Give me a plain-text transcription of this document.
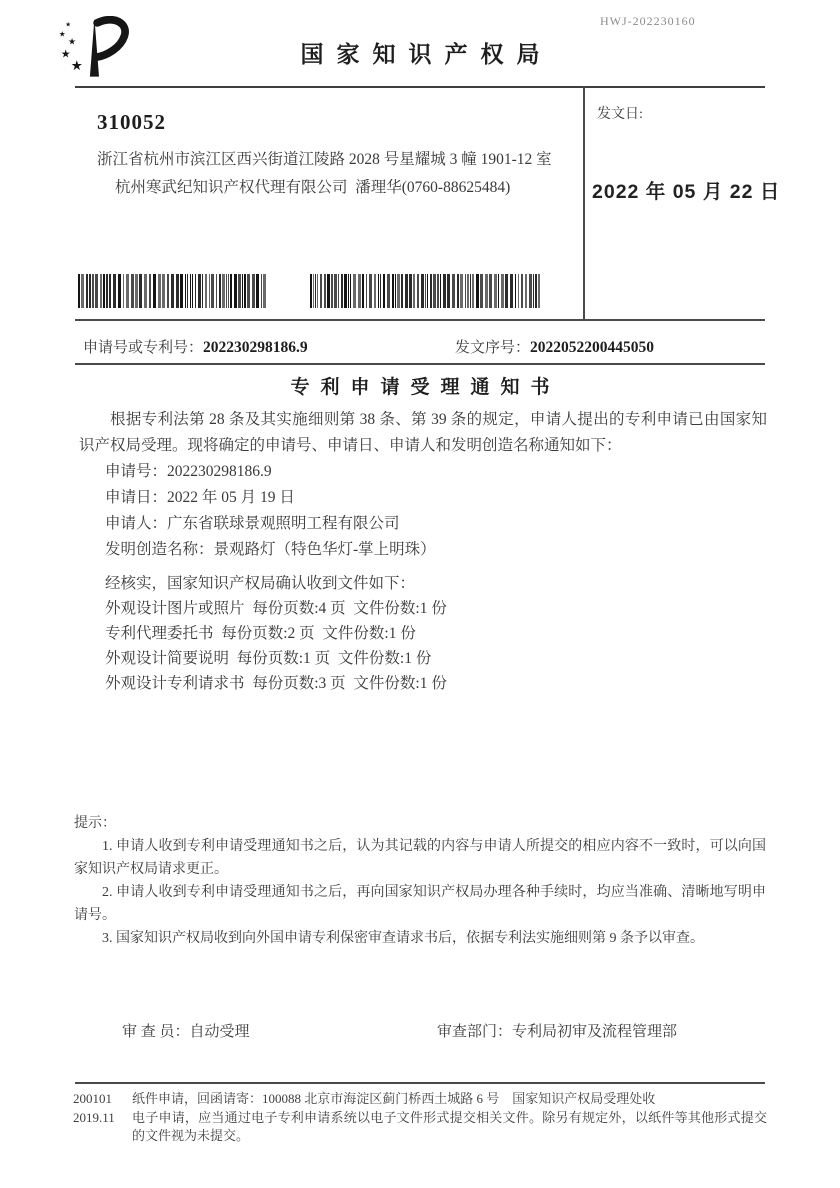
HWJ-202230160
★
★
★
★
★
国家知识产权局
310052
浙江省杭州市滨江区西兴街道江陵路 2028 号星耀城 3 幢 1901-12 室
杭州寒武纪知识产权代理有限公司  潘理华(0760-88625484)
发文日:
2022 年 05 月 22 日
申请号或专利号：202230298186.9	发文序号：2022052200445050
专利申请受理通知书

根据专利法第 28 条及其实施细则第 38 条、第 39 条的规定，申请人提出的专利申请已由国家知识产权局受理。现将确定的申请号、申请日、申请人和发明创造名称通知如下：

申请号：202230298186.9
申请日：2022 年 05 月 19 日
申请人：广东省联球景观照明工程有限公司
发明创造名称：景观路灯（特色华灯-掌上明珠）
经核实，国家知识产权局确认收到文件如下：
外观设计图片或照片  每份页数:4 页  文件份数:1 份
专利代理委托书  每份页数:2 页  文件份数:1 份
外观设计简要说明  每份页数:1 页  文件份数:1 份
外观设计专利请求书  每份页数:3 页  文件份数:1 份

提示：

1. 申请人收到专利申请受理通知书之后，认为其记载的内容与申请人所提交的相应内容不一致时，可以向国家知识产权局请求更正。

2. 申请人收到专利申请受理通知书之后，再向国家知识产权局办理各种手续时，均应当准确、清晰地写明申请号。

3. 国家知识产权局收到向外国申请专利保密审查请求书后，依据专利法实施细则第 9 条予以审查。

审 查 员：自动受理	审查部门：专利局初审及流程管理部
200101
2019.11
纸件申请，回函请寄：100088 北京市海淀区蓟门桥西土城路 6 号　国家知识产权局受理处收
电子申请，应当通过电子专利申请系统以电子文件形式提交相关文件。除另有规定外，以纸件等其他形式提交的文件视为未提交。
